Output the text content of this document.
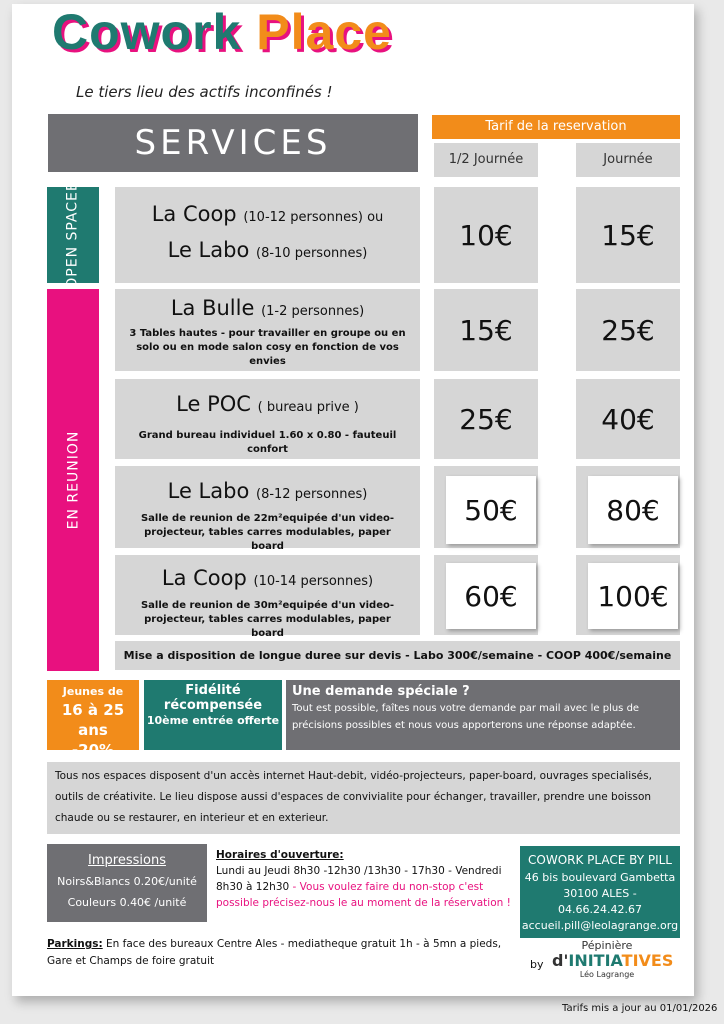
Cowork Place
Le tiers lieu des actifs inconfinés !
SERVICES	Tarif de la reservation
1/2 Journée	Journée
OPEN SPACEE
EN REUNION
La Coop (10-12 personnes) ou
Le Labo (8-10 personnes)
10€	15€
La Bulle (1-2 personnes)
3 Tables hautes - pour travailler en groupe ou en solo ou en mode salon cosy en fonction de vos envies
15€	25€
Le POC ( bureau prive )
Grand bureau individuel 1.60 x 0.80 - fauteuil confort
25€	40€
Le Labo (8-12 personnes)
Salle de reunion de 22m²equipée d'un video-projecteur, tables carres modulables, paper board
50€	80€
La Coop (10-14 personnes)
Salle de reunion de 30m²equipée d'un video-projecteur, tables carres modulables, paper board
60€	100€
Mise a disposition de longue duree sur devis - Labo 300€/semaine - COOP 400€/semaine
Jeunes de
16 à 25 ans
-20%
Fidélité
récompensée
10ème entrée offerte
Une demande spéciale ?
Tout est possible, faîtes nous votre demande par mail avec le plus de précisions possibles et nous vous apporterons une réponse adaptée.
Tous nos espaces disposent d'un accès internet Haut-debit, vidéo-projecteurs, paper-board, ouvrages specialisés, outils de créativite. Le lieu dispose aussi d'espaces de convivialite pour échanger, travailler, prendre une boisson chaude ou se restaurer, en interieur et en exterieur.
Impressions
Noirs&Blancs 0.20€/unité
Couleurs 0.40€ /unité
Horaires d'ouverture:
Lundi au Jeudi 8h30 -12h30 /13h30 - 17h30 - Vendredi
8h30 à 12h30 - Vous voulez faire du non-stop c'est possible précisez-nous le au moment de la réservation !
COWORK PLACE BY PILL
46 bis boulevard Gambetta
30100 ALES - 04.66.24.42.67
accueil.pill@leolagrange.org
Parkings: En face des bureaux Centre Ales - mediatheque gratuit 1h - à 5mn a pieds, Gare et Champs de foire gratuit	by
Pépinière
d'INITIATIVES
Léo Lagrange
Tarifs mis a jour au 01/01/2026
